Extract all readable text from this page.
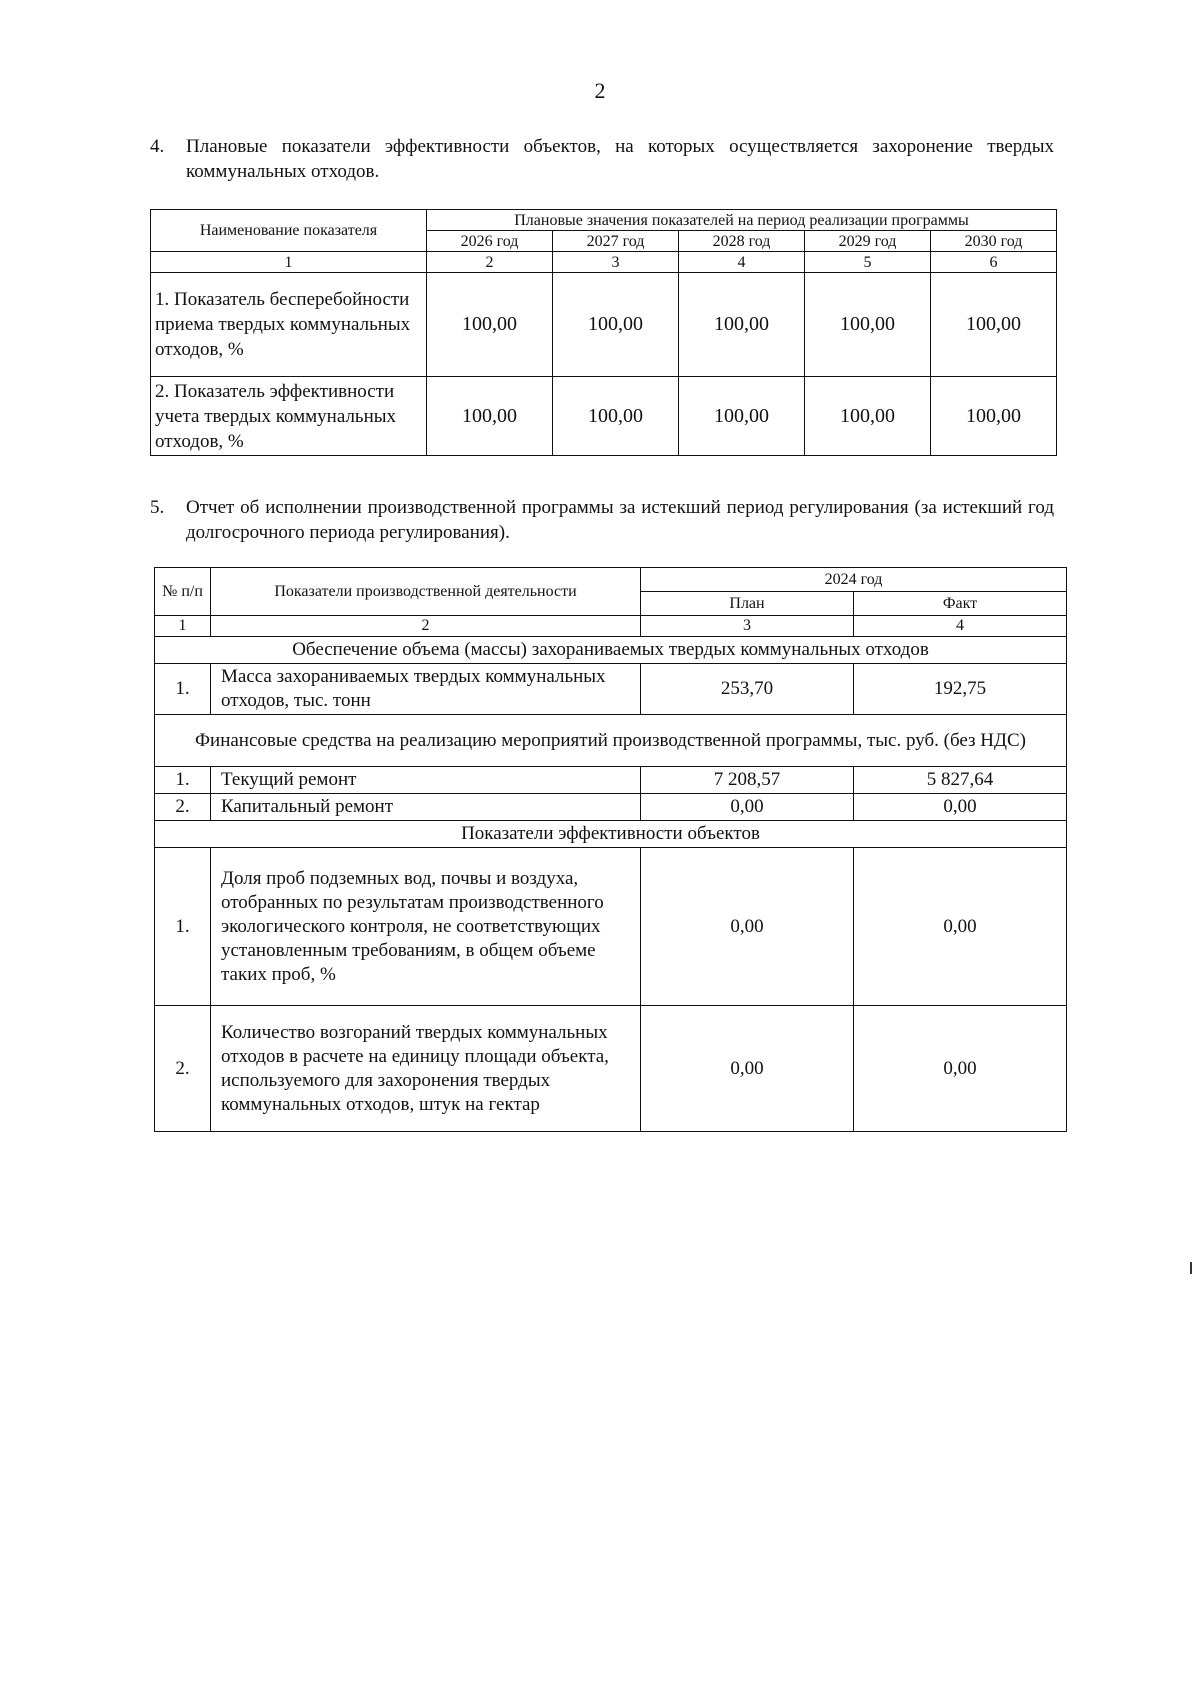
2
4.	Плановые показатели эффективности объектов, на которых осуществляется захоронение твердых коммунальных отходов.
Наименование показателя	Плановые значения показателей на период реализации программы				
	2026 год	2027 год	2028 год	2029 год	2030 год
1	2	3	4	5	6
1. Показатель бесперебойности приема твердых коммунальных отходов, %	100,00	100,00	100,00	100,00	100,00
2. Показатель эффективности учета твердых коммунальных отходов, %	100,00	100,00	100,00	100,00	100,00
5.	Отчет об исполнении производственной программы за истекший период регулирования (за истекший год долгосрочного периода регулирования).
№ п/п	Показатели производственной деятельности	2024 год	
		План	Факт
1	2	3	4
Обеспечение объема (массы) захораниваемых твердых коммунальных отходов			
1.	Масса захораниваемых твердых коммунальных отходов, тыс. тонн	253,70	192,75
Финансовые средства на реализацию мероприятий производственной программы, тыс. руб. (без НДС)			
1.	Текущий ремонт	7 208,57	5 827,64
2.	Капитальный ремонт	0,00	0,00
Показатели эффективности объектов			
1.	Доля проб подземных вод, почвы и воздуха, отобранных по результатам производственного экологического контроля, не соответствующих установленным требованиям, в общем объеме таких проб, %	0,00	0,00
2.	Количество возгораний твердых коммунальных отходов в расчете на единицу площади объекта, используемого для захоронения твердых коммунальных отходов, штук на гектар	0,00	0,00
